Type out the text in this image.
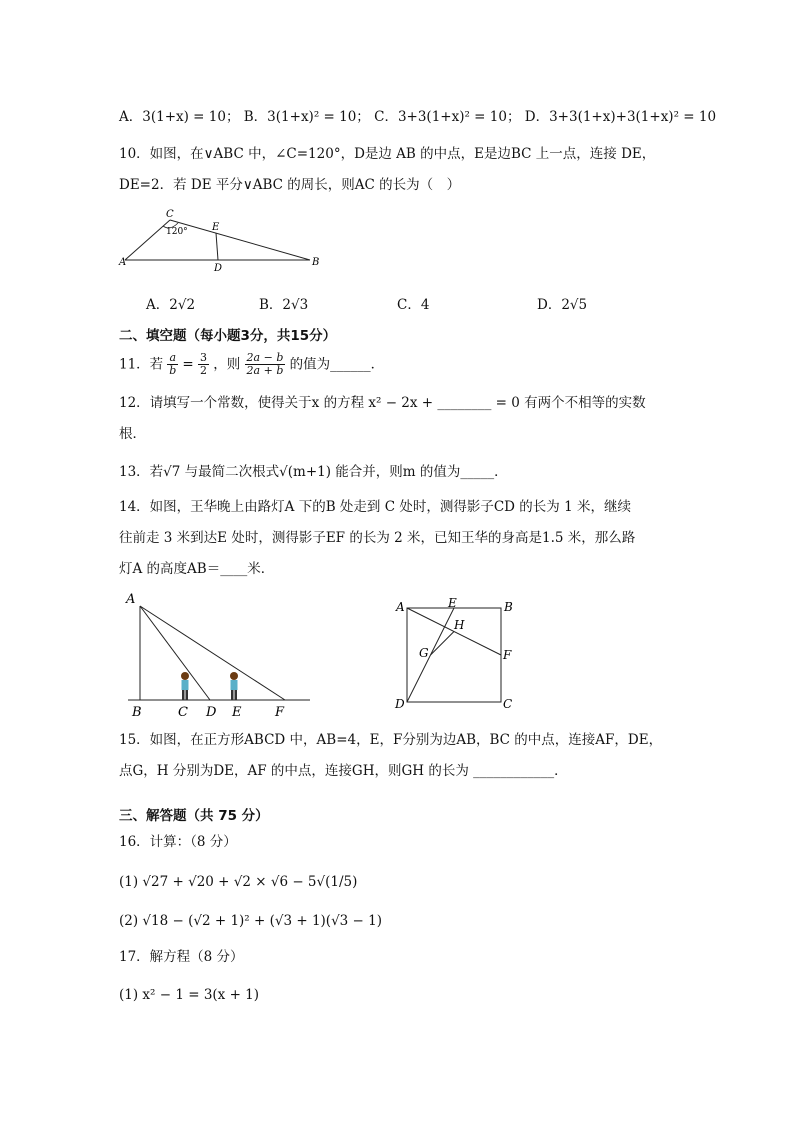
A．3(1+x) = 10； B．3(1+x)² = 10； C．3+3(1+x)² = 10； D．3+3(1+x)+3(1+x)² = 10
10．如图，在∨ABC 中，∠C=120°，D是边 AB 的中点，E是边BC 上一点，连接 DE，
DE=2．若 DE 平分∨ABC 的周长，则AC 的长为（　）
A	B
C
D
E
120°
A．2√2	B．2√3	C．4	D．2√5
二、填空题（每小题3分，共15分）
11．若 $\frac{a}{b} = \frac{3}{2}$ ，则 $\frac{2a - b}{2a + b}$ 的值为______．
12．请填写一个常数，使得关于x 的方程 x² − 2x + ________ = 0 有两个不相等的实数
根．
13．若√7 与最简二次根式√(m+1) 能合并，则m 的值为_____．
14．如图，王华晚上由路灯A 下的B 处走到 C 处时，测得影子CD 的长为 1 米，继续
往前走 3 米到达E 处时，测得影子EF 的长为 2 米，已知王华的身高是1.5 米，那么路
灯A 的高度AB＝____米．
A
B	C D E	F
A	B
C
D
E
F
G
H
15．如图，在正方形ABCD 中，AB=4，E，F分别为边AB，BC 的中点，连接AF，DE，
点G，H 分别为DE，AF 的中点，连接GH，则GH 的长为 ____________．
三、解答题（共 75 分）
16．计算：（8 分）
(1) √27 + √20 + √2 × √6 − 5√(1/5)
(2) √18 − (√2 + 1)² + (√3 + 1)(√3 − 1)
17．解方程（8 分）
(1) x² − 1 = 3(x + 1)
